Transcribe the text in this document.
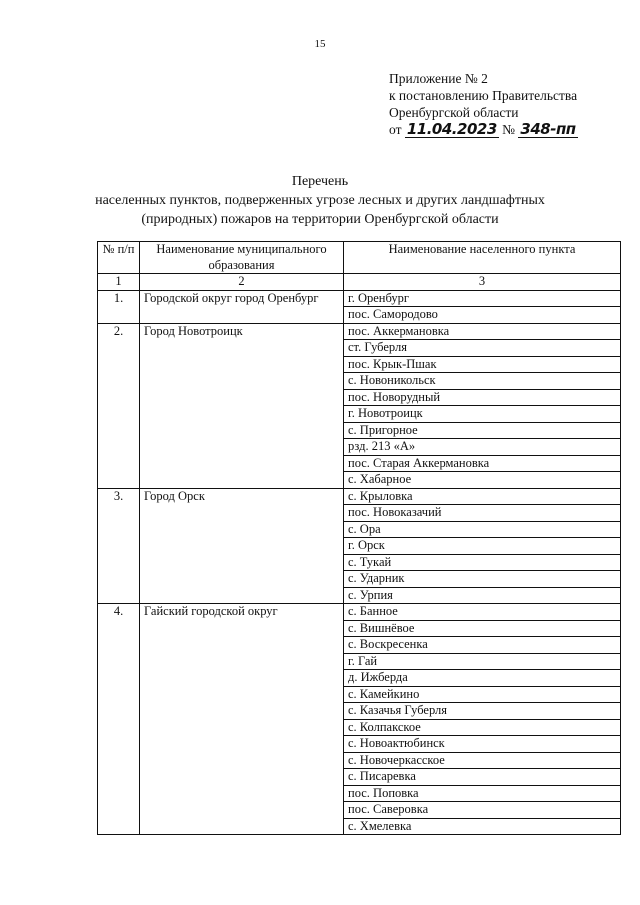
15
Приложение № 2
к постановлению Правительства
Оренбургской области
от
11.04.2023
№
348-пп
Перечень
населенных пунктов, подверженных угрозе лесных и других ландшафтных
(природных) пожаров на территории Оренбургской области
№ п/п	Наименование муниципального образования	Наименование населенного пункта
1	2	3
1.	Городской округ город Оренбург	г. Оренбург
		пос. Самородово
2.	Город Новотроицк	пос. Аккермановка
		ст. Губерля
		пос. Крык-Пшак
		с. Новоникольск
		пос. Новорудный
		г. Новотроицк
		с. Пригорное
		рзд. 213 «А»
		пос. Старая Аккермановка
		с. Хабарное
3.	Город Орск	с. Крыловка
		пос. Новоказачий
		с. Ора
		г. Орск
		с. Тукай
		с. Ударник
		с. Урпия
4.	Гайский городской округ	с. Банное
		с. Вишнёвое
		с. Воскресенка
		г. Гай
		д. Ижберда
		с. Камейкино
		с. Казачья Губерля
		с. Колпакское
		с. Новоактюбинск
		с. Новочеркасское
		с. Писаревка
		пос. Поповка
		пос. Саверовка
		с. Хмелевка
